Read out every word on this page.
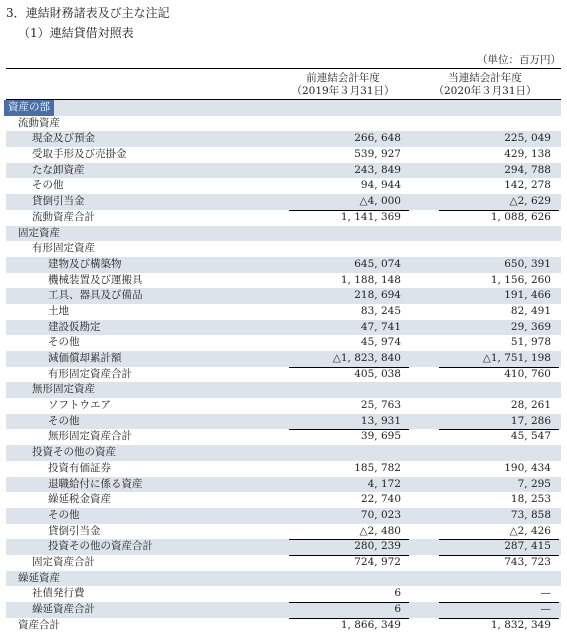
3．連結財務諸表及び主な注記
（1）連結貸借対照表
（単位：百万円）
前連結会計年度
（2019年３月31日）
当連結会計年度
（2020年３月31日）
資産の部
流動資産
現金及び預金	266, 648	225, 049
受取手形及び売掛金	539, 927	429, 138
たな卸資産	243, 849	294, 788
その他	94, 944	142, 278
貸倒引当金	△4, 000	△2, 629
流動資産合計	1, 141, 369	1, 088, 626
固定資産
有形固定資産
建物及び構築物	645, 074	650, 391
機械装置及び運搬具	1, 188, 148	1, 156, 260
工具、器具及び備品	218, 694	191, 466
土地	83, 245	82, 491
建設仮勘定	47, 741	29, 369
その他	45, 974	51, 978
減価償却累計額	△1, 823, 840	△1, 751, 198
有形固定資産合計	405, 038	410, 760
無形固定資産
ソフトウエア	25, 763	28, 261
その他	13, 931	17, 286
無形固定資産合計	39, 695	45, 547
投資その他の資産
投資有価証券	185, 782	190, 434
退職給付に係る資産	4, 172	7, 295
繰延税金資産	22, 740	18, 253
その他	70, 023	73, 858
貸倒引当金	△2, 480	△2, 426
投資その他の資産合計	280, 239	287, 415
固定資産合計	724, 972	743, 723
繰延資産
社債発行費	6	—
繰延資産合計	6	—
資産合計	1, 866, 349	1, 832, 349
